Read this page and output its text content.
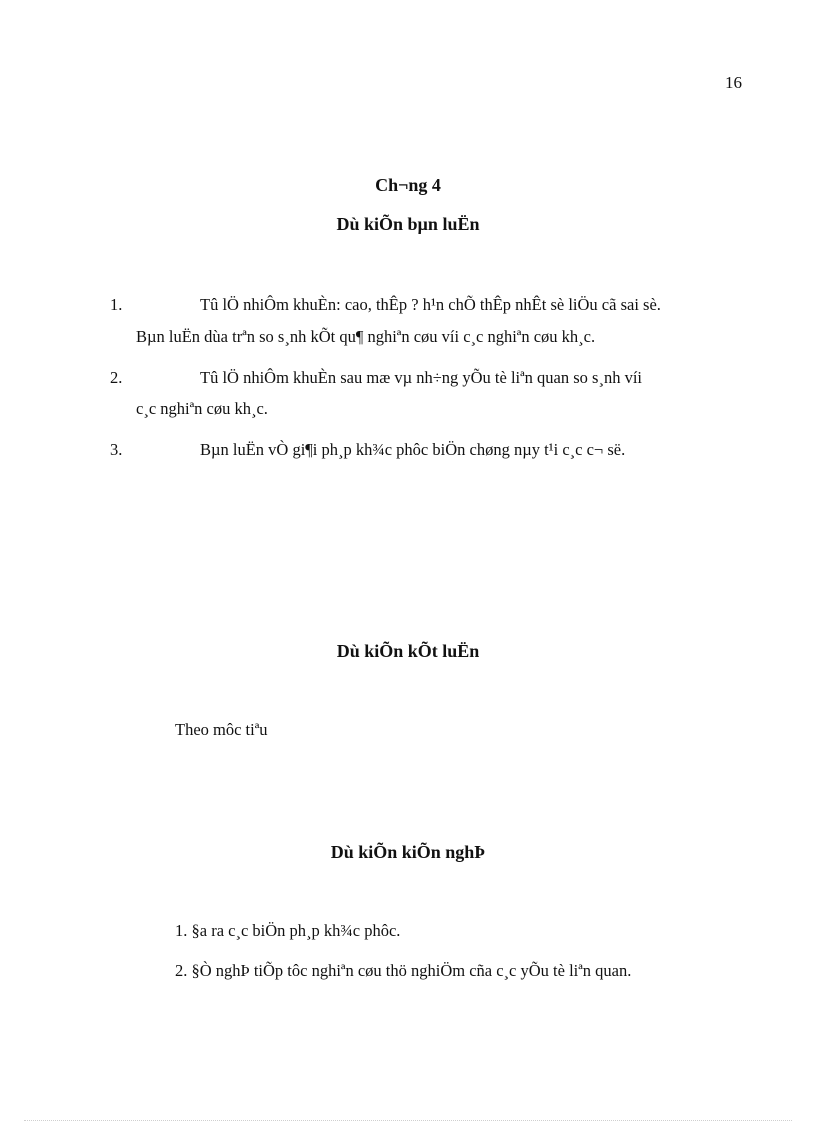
16
Ch¬ng 4
Dù kiÕn bµn luËn
1.	Tû lÖ nhiÔm khuÈn: cao, thÊp ? h¹n chÕ thÊp nhÊt sè liÖu cã sai sè.
Bµn luËn dùa trªn so s¸nh kÕt qu¶ nghiªn cøu víi c¸c nghiªn cøu kh¸c.
2.	Tû lÖ nhiÔm khuÈn sau mæ vµ nh÷ng yÕu tè liªn quan so s¸nh víi
c¸c nghiªn cøu kh¸c.
3.	Bµn luËn vÒ gi¶i ph¸p kh¾c phôc biÖn chøng nµy t¹i c¸c c¬ së.
Dù kiÕn kÕt luËn
Theo môc tiªu
Dù kiÕn kiÕn nghÞ
1. §a ra c¸c biÖn ph¸p kh¾c phôc.
2. §Ò nghÞ tiÕp tôc nghiªn cøu thö nghiÖm cña c¸c yÕu tè liªn quan.
